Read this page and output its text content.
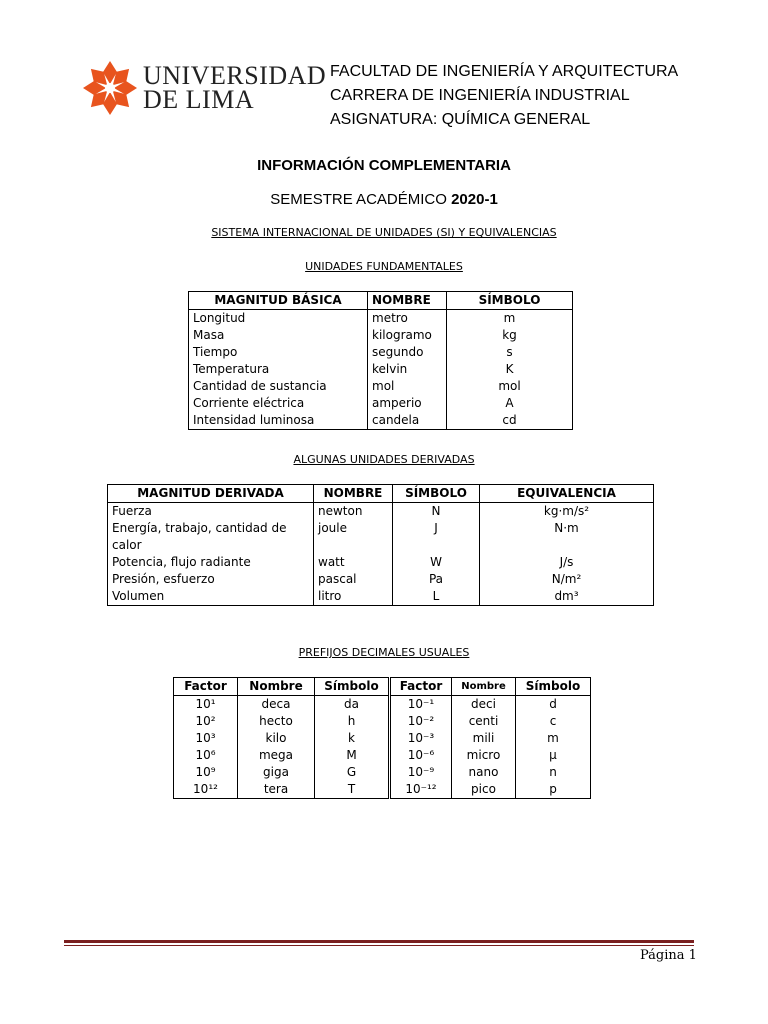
UNIVERSIDAD
DE LIMA
FACULTAD DE INGENIERÍA Y ARQUITECTURA
CARRERA DE INGENIERÍA INDUSTRIAL
ASIGNATURA: QUÍMICA GENERAL
INFORMACIÓN COMPLEMENTARIA
SEMESTRE ACADÉMICO 2020-1
SISTEMA INTERNACIONAL DE UNIDADES (SI) Y EQUIVALENCIAS
UNIDADES FUNDAMENTALES
MAGNITUD BÁSICA	NOMBRE	SÍMBOLO
Longitud	metro	m
Masa	kilogramo	kg
Tiempo	segundo	s
Temperatura	kelvin	K
Cantidad de sustancia	mol	mol
Corriente eléctrica	amperio	A
Intensidad luminosa	candela	cd
ALGUNAS UNIDADES DERIVADAS
MAGNITUD DERIVADA	NOMBRE	SÍMBOLO	EQUIVALENCIA
Fuerza	newton	N	kg·m/s²
Energía, trabajo, cantidad de calor	joule	J	N·m
Potencia, flujo radiante	watt	W	J/s
Presión, esfuerzo	pascal	Pa	N/m²
Volumen	litro	L	dm³
PREFIJOS DECIMALES USUALES
Factor	Nombre	Símbolo	Factor	Nombre	Símbolo
10¹	deca	da	10⁻¹	deci	d
10²	hecto	h	10⁻²	centi	c
10³	kilo	k	10⁻³	mili	m
10⁶	mega	M	10⁻⁶	micro	μ
10⁹	giga	G	10⁻⁹	nano	n
10¹²	tera	T	10⁻¹²	pico	p
Página 1
